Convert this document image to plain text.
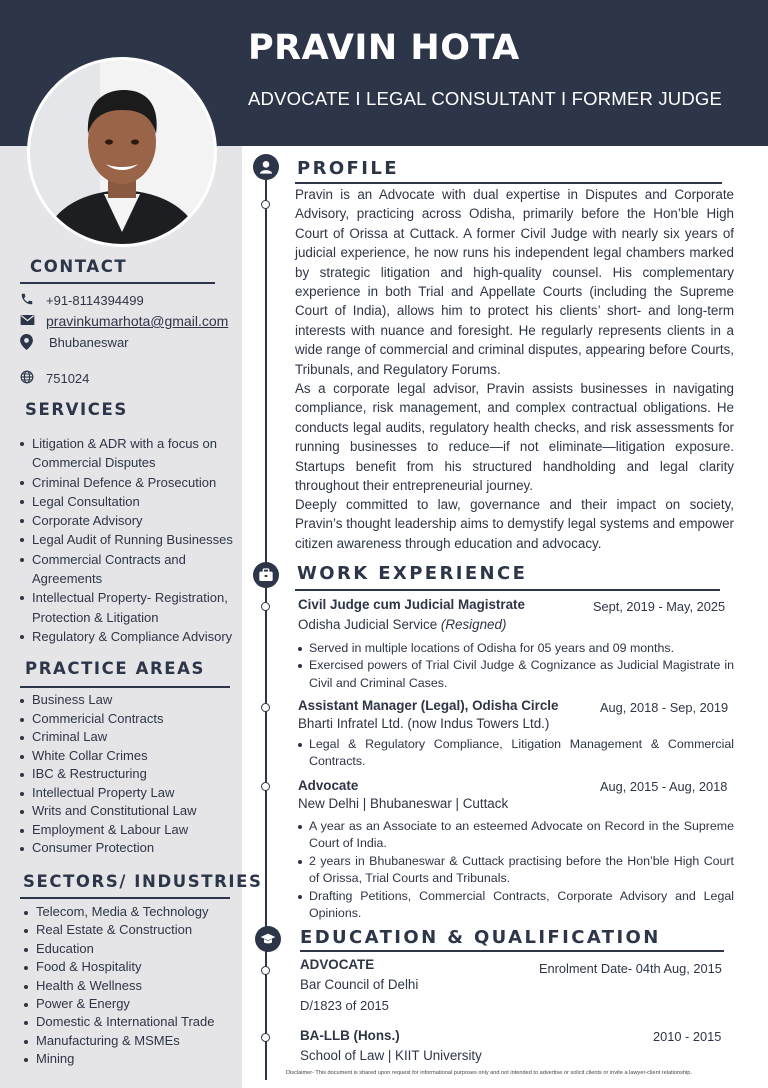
PRAVIN HOTA
ADVOCATE I LEGAL CONSULTANT I FORMER JUDGE
CONTACT
+91-8114394499
pravinkumarhota@gmail.com
Bhubaneswar
751024
SERVICES
Litigation & ADR with a focus on Commercial Disputes
Criminal Defence & Prosecution
Legal Consultation
Corporate Advisory
Legal Audit of Running Businesses
Commercial Contracts and Agreements
Intellectual Property- Registration, Protection & Litigation
Regulatory & Compliance Advisory
PRACTICE AREAS
Business Law
Commericial Contracts
Criminal Law
White Collar Crimes
IBC & Restructuring
Intellectual Property Law
Writs and Constitutional Law
Employment & Labour Law
Consumer Protection
SECTORS/ INDUSTRIES
Telecom, Media & Technology
Real Estate & Construction
Education
Food & Hospitality
Health & Wellness
Power & Energy
Domestic & International Trade
Manufacturing & MSMEs
Mining
PROFILE
Pravin is an Advocate with dual expertise in Disputes and Corporate Advisory, practicing across Odisha, primarily before the Hon’ble High Court of Orissa at Cuttack. A former Civil Judge with nearly six years of judicial experience, he now runs his independent legal chambers marked by strategic litigation and high-quality counsel. His complementary experience in both Trial and Appellate Courts (including the Supreme Court of India), allows him to protect his clients’ short- and long-term interests with nuance and foresight. He regularly represents clients in a wide range of commercial and criminal disputes, appearing before Courts, Tribunals, and Regulatory Forums.
As a corporate legal advisor, Pravin assists businesses in navigating compliance, risk management, and complex contractual obligations. He conducts legal audits, regulatory health checks, and risk assessments for running businesses to reduce—if not eliminate—litigation exposure. Startups benefit from his structured handholding and legal clarity throughout their entrepreneurial journey.
Deeply committed to law, governance and their impact on society, Pravin’s thought leadership aims to demystify legal systems and empower citizen awareness through education and advocacy.
WORK EXPERIENCE
Civil Judge cum Judicial Magistrate	Sept, 2019 - May, 2025
Odisha Judicial Service (Resigned)
Served in multiple locations of Odisha for 05 years and 09 months.
Exercised powers of Trial Civil Judge & Cognizance as Judicial Magistrate in Civil and Criminal Cases.
Assistant Manager (Legal), Odisha Circle	Aug, 2018 - Sep, 2019
Bharti Infratel Ltd. (now Indus Towers Ltd.)
Legal & Regulatory Compliance, Litigation Management & Commercial Contracts.
Advocate	Aug, 2015 - Aug, 2018
New Delhi | Bhubaneswar | Cuttack
A year as an Associate to an esteemed Advocate on Record in the Supreme Court of India.
2 years in Bhubaneswar & Cuttack practising before the Hon’ble High Court of Orissa, Trial Courts and Tribunals.
Drafting Petitions, Commercial Contracts, Corporate Advisory and Legal Opinions.
EDUCATION & QUALIFICATION
ADVOCATE	Enrolment Date- 04th Aug, 2015
Bar Council of Delhi
D/1823 of 2015
BA-LLB (Hons.)	2010 - 2015
School of Law | KIIT University
Disclaimer- This document is shared upon request for informational purposes only and not intended to advertise or solicit clients or invite a lawyer-client relationship.
